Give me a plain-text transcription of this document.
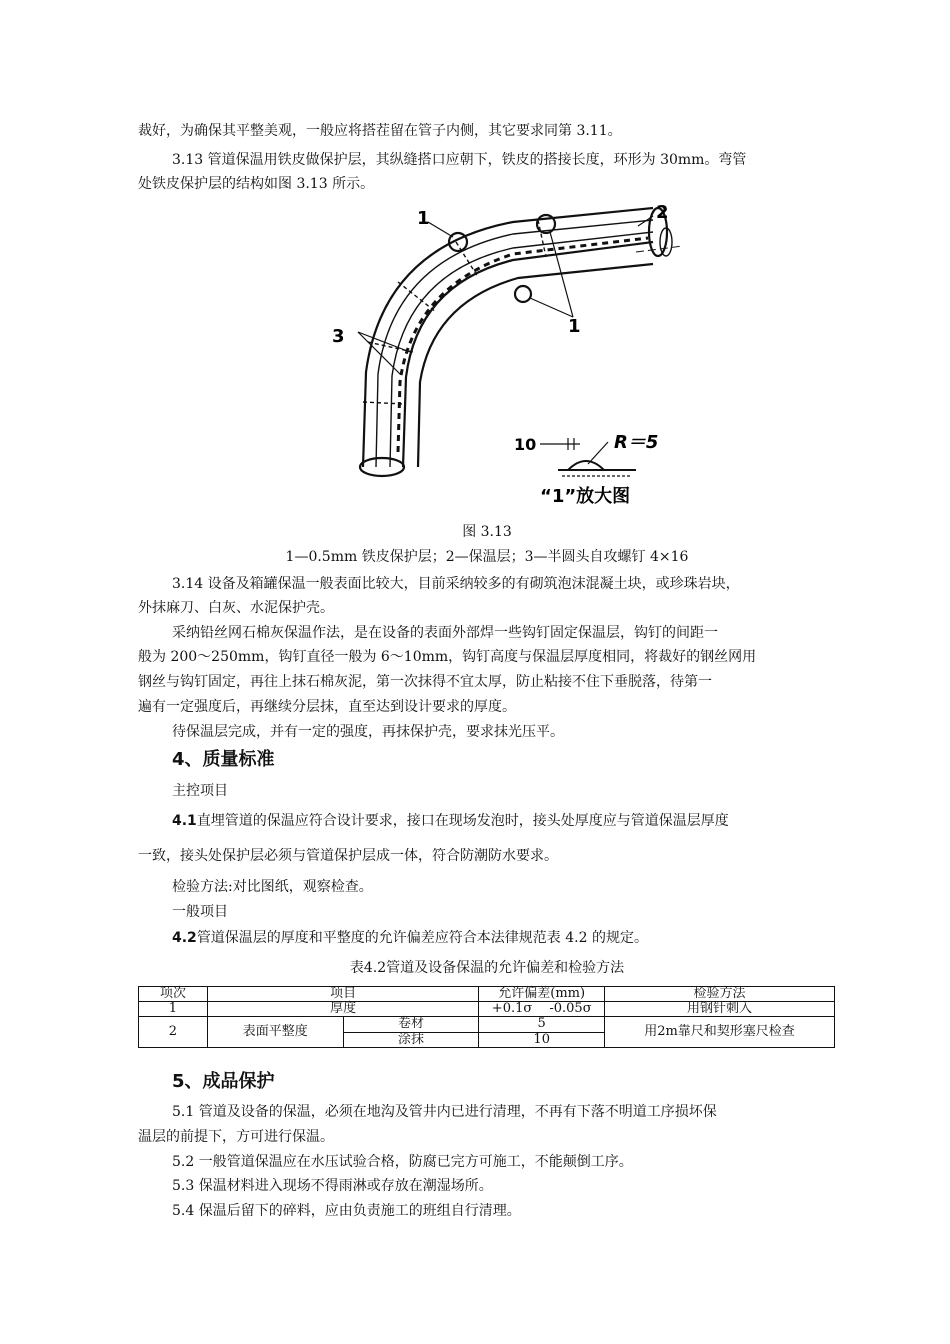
裁好，为确保其平整美观，一般应将搭茬留在管子内侧，其它要求同第 3.11。
3.13 管道保温用铁皮做保护层，其纵缝搭口应朝下，铁皮的搭接长度，环形为 30mm。弯管
处铁皮保护层的结构如图 3.13 所示。
1
1
2
3
10	R＝5
“1”放大图
图 3.13
1—0.5mm 铁皮保护层；2—保温层；3—半圆头自攻螺钉 4×16
3.14 设备及箱罐保温一般表面比较大，目前采纳较多的有砌筑泡沫混凝土块，或珍珠岩块，
外抹麻刀、白灰、水泥保护壳。
采纳铅丝网石棉灰保温作法，是在设备的表面外部焊一些钩钉固定保温层，钩钉的间距一
般为 200～250mm，钩钉直径一般为 6～10mm，钩钉高度与保温层厚度相同，将裁好的钢丝网用
钢丝与钩钉固定，再往上抹石棉灰泥，第一次抹得不宜太厚，防止粘接不住下垂脱落，待第一
遍有一定强度后，再继续分层抹，直至达到设计要求的厚度。
待保温层完成，并有一定的强度，再抹保护壳，要求抹光压平。
4、质量标准
主控项目
4.1直埋管道的保温应符合设计要求，接口在现场发泡时，接头处厚度应与管道保温层厚度
一致，接头处保护层必须与管道保护层成一体，符合防潮防水要求。
检验方法:对比图纸，观察检查。
一般项目
4.2管道保温层的厚度和平整度的允许偏差应符合本法律规范表 4.2 的规定。
表4.2管道及设备保温的允许偏差和检验方法
项次	项目		允许偏差(mm)	检验方法
1	厚度		+0.1σ　 -0.05σ	用钢针刺入
2	表面平整度	卷材	5	用2m靠尺和契形塞尺检查
		涂抹	10	
5、成品保护
5.1 管道及设备的保温，必须在地沟及管井内已进行清理，不再有下落不明道工序损坏保
温层的前提下，方可进行保温。
5.2 一般管道保温应在水压试验合格，防腐已完方可施工，不能颠倒工序。
5.3 保温材料进入现场不得雨淋或存放在潮湿场所。
5.4 保温后留下的碎料，应由负责施工的班组自行清理。
